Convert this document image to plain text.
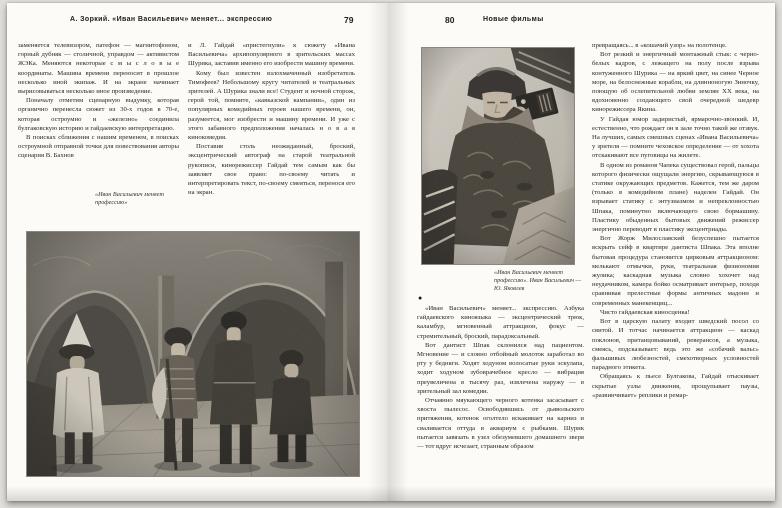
А. Зоркий. «Иван Васильевич» меняет... экспрессию	79

заменяется телевизором, патефон — магнитофоном, горный дубняк — столичной, управдом — активистом ЖЭКа. Меняются некоторые с м ы с л о в ы е координаты. Машина времени переносит в прошлое несколько иной экипаж. И на экране начинает вырисовываться несколько иное произведение.

Поначалу отметим сценарную выдумку, которая органично перенесла сюжет из 30-х годов в 70-е, которая остроумно и «железно» соединила булгаковскую историю и гайдаевскую интерпретацию.

В поисках сближения с нашим временем, в поисках остроумной отправной точки для повествования авторы сценария В. Бахнов

«Иван Васильевич меняет профессию»

и Л. Гайдай «пристегнули» к сюжету «Ивана Васильевича» архипопулярного в зрительских массах Шурика, заставив именно его изобрести машину времени.

Кому был известен взлохмаченный изобретатель Тимофеев? Небольшому кругу читателей и театральных зрителей. А Шурика знали все! Студент и ночной сторож, герой той, помните, «кавказской кампании», один из популярных комедийных героев нашего времени, он, разумеется, мог изобрести и машину времени. И уже с этого забавного предположения началась н о в а я кинокомедия.

Поставив столь неожиданный, броский, эксцентрический автограф на старой театральной рукописи, кинорежиссер Гайдай тем самым как бы заявляет свое право: по-своему читать и интерпретировать текст, по-своему смеяться, перенося его на экран.

80	Новые фильмы
«Иван Васильевич меняет профессию». Иван Васильевич — Ю. Яковлев
●

«Иван Васильевич» меняет... экспрессию. Азбука гайдаевского киноязыка — эксцентрический трюк, каламбур, мгновенный аттракцион, фокус — стремительный, броский, парадоксальный.

Вот дантист Шпак склонился над пациентом. Мгновение — и словно отбойный молоток заработал во рту у бедняги. Ходят ходуном волосатые руки эскулапа, ходит ходуном зубоврачебное кресло — вибрация преувеличена в тысячу раз, извлечена наружу — в зрительный зал комедии.

Отчаянно мяукающего черного котенка засасывает с хвоста пылесос. Освободившись от дьявольского притяжения, котенок оголтело вскакивает на карниз и сваливается оттуда в аквариум с рыбками. Шурик пытается завязать в узел обезумевшего домашнего зверя — тот вдруг исчезает, странным образом

превращаясь... в «кошачий узор» на полотенце.

Вот резкий и энергичный монтажный стык: с черно-белых кадров, с лежащего на полу после взрыва контуженного Шурика — на яркий цвет, на синее Черное море, на белоснежные корабли, на длинноногую Зиночку, поющую об ослепительной любви землян XX века, на вдохновенно создающего свой очередной шедевр кинорежиссера Якина.

У Гайдая юмор задиристый, ярмарочно-звонкий. И, естественно, что рождает он в зале точно такой же отзвук. На лучших, самых смешных сценах «Ивана Васильевича» у зрителя — помните чеховское определение — от хохота отскакивают все пуговицы на жилете.

В одном из романов Чапека существовал герой, пальцы которого физически ощущали энергию, скрывающуюся в статике окружающих предметов. Кажется, тем же даром (только в комедийном плане) наделен Гайдай. Он взрывает статику с энтузиазмом и непреклонностью Шпака, поминутно включающего свою бормашину. Пластику обыденных бытовых движений режиссер энергично переводит в пластику эксцентриады.

Вот Жорж Милославский безуспешно пытается вскрыть сейф в квартире дантиста Шпака. Эта вполне бытовая процедура становится цирковым аттракционом: мелькают отмычки, руки, театральная физиономия жулика; каскадная музыка словно хохочет над неудачником, камера бойко осматривает интерьер, походя сравнивая прелестные формы античных мадонн и современных манекенщиц...

Чисто гайдаевская киносценка!

Вот в царскую палату входит шведский посол со свитой. И тотчас начинается аттракцион — каскад поклонов, пританцовываний, реверансов, а музыка, смеясь, подсказывает: ведь это же «собачий вальс» фальшивых любезностей, смехотворных условностей парадного этикета.

Обращаясь к пьесе Булгакова, Гайдай отыскивает скрытые узлы движения, прощупывает паузы, «развинчивает» реплики и ремар-
